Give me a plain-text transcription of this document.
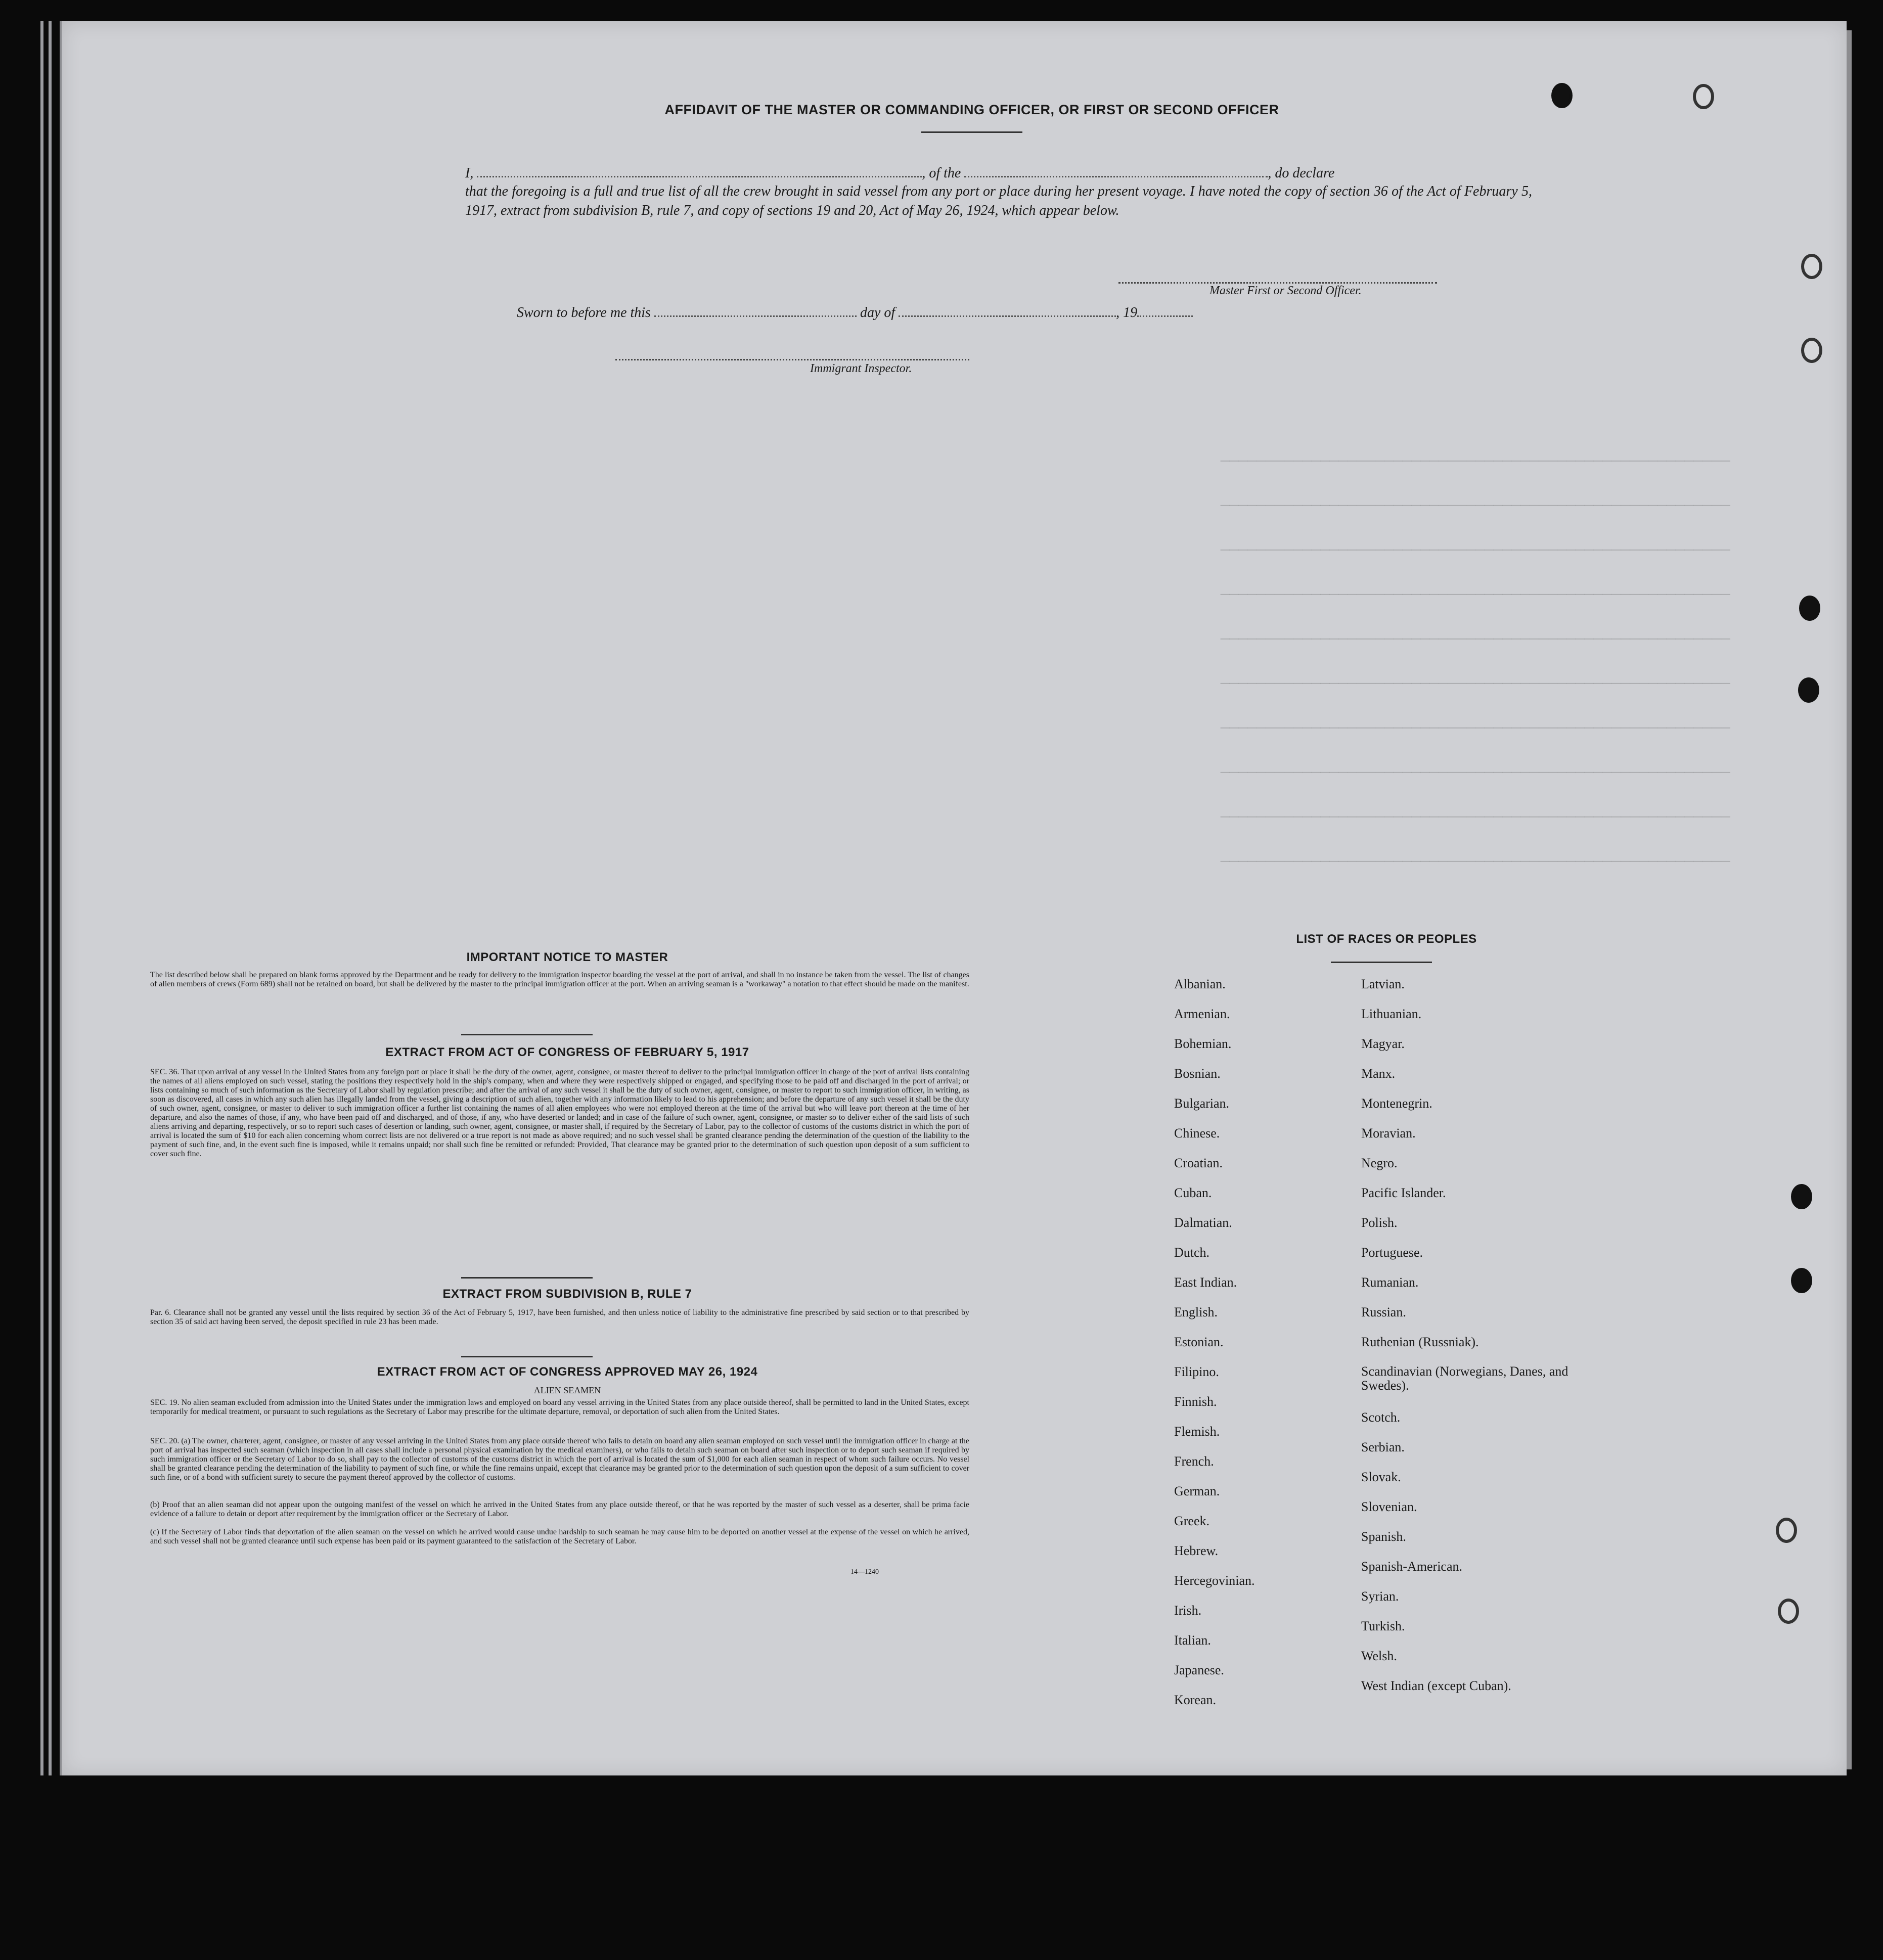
────────────────────────────────────────────────────────
────────────────────────────────────────────────────────
────────────────────────────────────────────────────────
────────────────────────────────────────────────────────
────────────────────────────────────────────────────────
────────────────────────────────────────────────────────
────────────────────────────────────────────────────────
────────────────────────────────────────────────────────
────────────────────────────────────────────────────────
────────────────────────────────────────────────────────

AFFIDAVIT OF THE MASTER OR COMMANDING OFFICER, OR FIRST OR SECOND OFFICER
I,	, of the	, do declare
that the foregoing is a full and true list of all the crew brought in said vessel from any port or place during her present voyage. I have noted the copy of section 36 of the Act of February 5, 1917, extract from subdivision B, rule 7, and copy of sections 19 and 20, Act of May 26, 1924, which appear below.
Master First or Second Officer.
Sworn to before me this	day of	, 19
Immigrant Inspector.
IMPORTANT NOTICE TO MASTER
The list described below shall be prepared on blank forms approved by the Department and be ready for delivery to the immigration inspector boarding the vessel at the port of arrival, and shall in no instance be taken from the vessel. The list of changes of alien members of crews (Form 689) shall not be retained on board, but shall be delivered by the master to the principal immigration officer at the port. When an arriving seaman is a "workaway" a notation to that effect should be made on the manifest.
EXTRACT FROM ACT OF CONGRESS OF FEBRUARY 5, 1917
SEC. 36. That upon arrival of any vessel in the United States from any foreign port or place it shall be the duty of the owner, agent, consignee, or master thereof to deliver to the principal immigration officer in charge of the port of arrival lists containing the names of all aliens employed on such vessel, stating the positions they respectively hold in the ship's company, when and where they were respectively shipped or engaged, and specifying those to be paid off and discharged in the port of arrival; or lists containing so much of such information as the Secretary of Labor shall by regulation prescribe; and after the arrival of any such vessel it shall be the duty of such owner, agent, consignee, or master to report to such immigration officer, in writing, as soon as discovered, all cases in which any such alien has illegally landed from the vessel, giving a description of such alien, together with any information likely to lead to his apprehension; and before the departure of any such vessel it shall be the duty of such owner, agent, consignee, or master to deliver to such immigration officer a further list containing the names of all alien employees who were not employed thereon at the time of the arrival but who will leave port thereon at the time of her departure, and also the names of those, if any, who have been paid off and discharged, and of those, if any, who have deserted or landed; and in case of the failure of such owner, agent, consignee, or master so to deliver either of the said lists of such aliens arriving and departing, respectively, or so to report such cases of desertion or landing, such owner, agent, consignee, or master shall, if required by the Secretary of Labor, pay to the collector of customs of the customs district in which the port of arrival is located the sum of $10 for each alien concerning whom correct lists are not delivered or a true report is not made as above required; and no such vessel shall be granted clearance pending the determination of the question of the liability to the payment of such fine, and, in the event such fine is imposed, while it remains unpaid; nor shall such fine be remitted or refunded: Provided, That clearance may be granted prior to the determination of such question upon deposit of a sum sufficient to cover such fine.
EXTRACT FROM SUBDIVISION B, RULE 7
Par. 6. Clearance shall not be granted any vessel until the lists required by section 36 of the Act of February 5, 1917, have been furnished, and then unless notice of liability to the administrative fine prescribed by said section or to that prescribed by section 35 of said act having been served, the deposit specified in rule 23 has been made.
EXTRACT FROM ACT OF CONGRESS APPROVED MAY 26, 1924
ALIEN SEAMEN
SEC. 19. No alien seaman excluded from admission into the United States under the immigration laws and employed on board any vessel arriving in the United States from any place outside thereof, shall be permitted to land in the United States, except temporarily for medical treatment, or pursuant to such regulations as the Secretary of Labor may prescribe for the ultimate departure, removal, or deportation of such alien from the United States.
SEC. 20. (a) The owner, charterer, agent, consignee, or master of any vessel arriving in the United States from any place outside thereof who fails to detain on board any alien seaman employed on such vessel until the immigration officer in charge at the port of arrival has inspected such seaman (which inspection in all cases shall include a personal physical examination by the medical examiners), or who fails to detain such seaman on board after such inspection or to deport such seaman if required by such immigration officer or the Secretary of Labor to do so, shall pay to the collector of customs of the customs district in which the port of arrival is located the sum of $1,000 for each alien seaman in respect of whom such failure occurs. No vessel shall be granted clearance pending the determination of the liability to payment of such fine, or while the fine remains unpaid, except that clearance may be granted prior to the determination of such question upon the deposit of a sum sufficient to cover such fine, or of a bond with sufficient surety to secure the payment thereof approved by the collector of customs.
(b) Proof that an alien seaman did not appear upon the outgoing manifest of the vessel on which he arrived in the United States from any place outside thereof, or that he was reported by the master of such vessel as a deserter, shall be prima facie evidence of a failure to detain or deport after requirement by the immigration officer or the Secretary of Labor.
(c) If the Secretary of Labor finds that deportation of the alien seaman on the vessel on which he arrived would cause undue hardship to such seaman he may cause him to be deported on another vessel at the expense of the vessel on which he arrived, and such vessel shall not be granted clearance until such expense has been paid or its payment guaranteed to the satisfaction of the Secretary of Labor.
14—1240
LIST OF RACES OR PEOPLES
Albanian.
Armenian.
Bohemian.
Bosnian.
Bulgarian.
Chinese.
Croatian.
Cuban.
Dalmatian.
Dutch.
East Indian.
English.
Estonian.
Filipino.
Finnish.
Flemish.
French.
German.
Greek.
Hebrew.
Hercegovinian.
Irish.
Italian.
Japanese.
Korean.
Latvian.
Lithuanian.
Magyar.
Manx.
Montenegrin.
Moravian.
Negro.
Pacific Islander.
Polish.
Portuguese.
Rumanian.
Russian.
Ruthenian (Russniak).
Scandinavian (Norwegians, Danes, and Swedes).
Scotch.
Serbian.
Slovak.
Slovenian.
Spanish.
Spanish-American.
Syrian.
Turkish.
Welsh.
West Indian (except Cuban).
